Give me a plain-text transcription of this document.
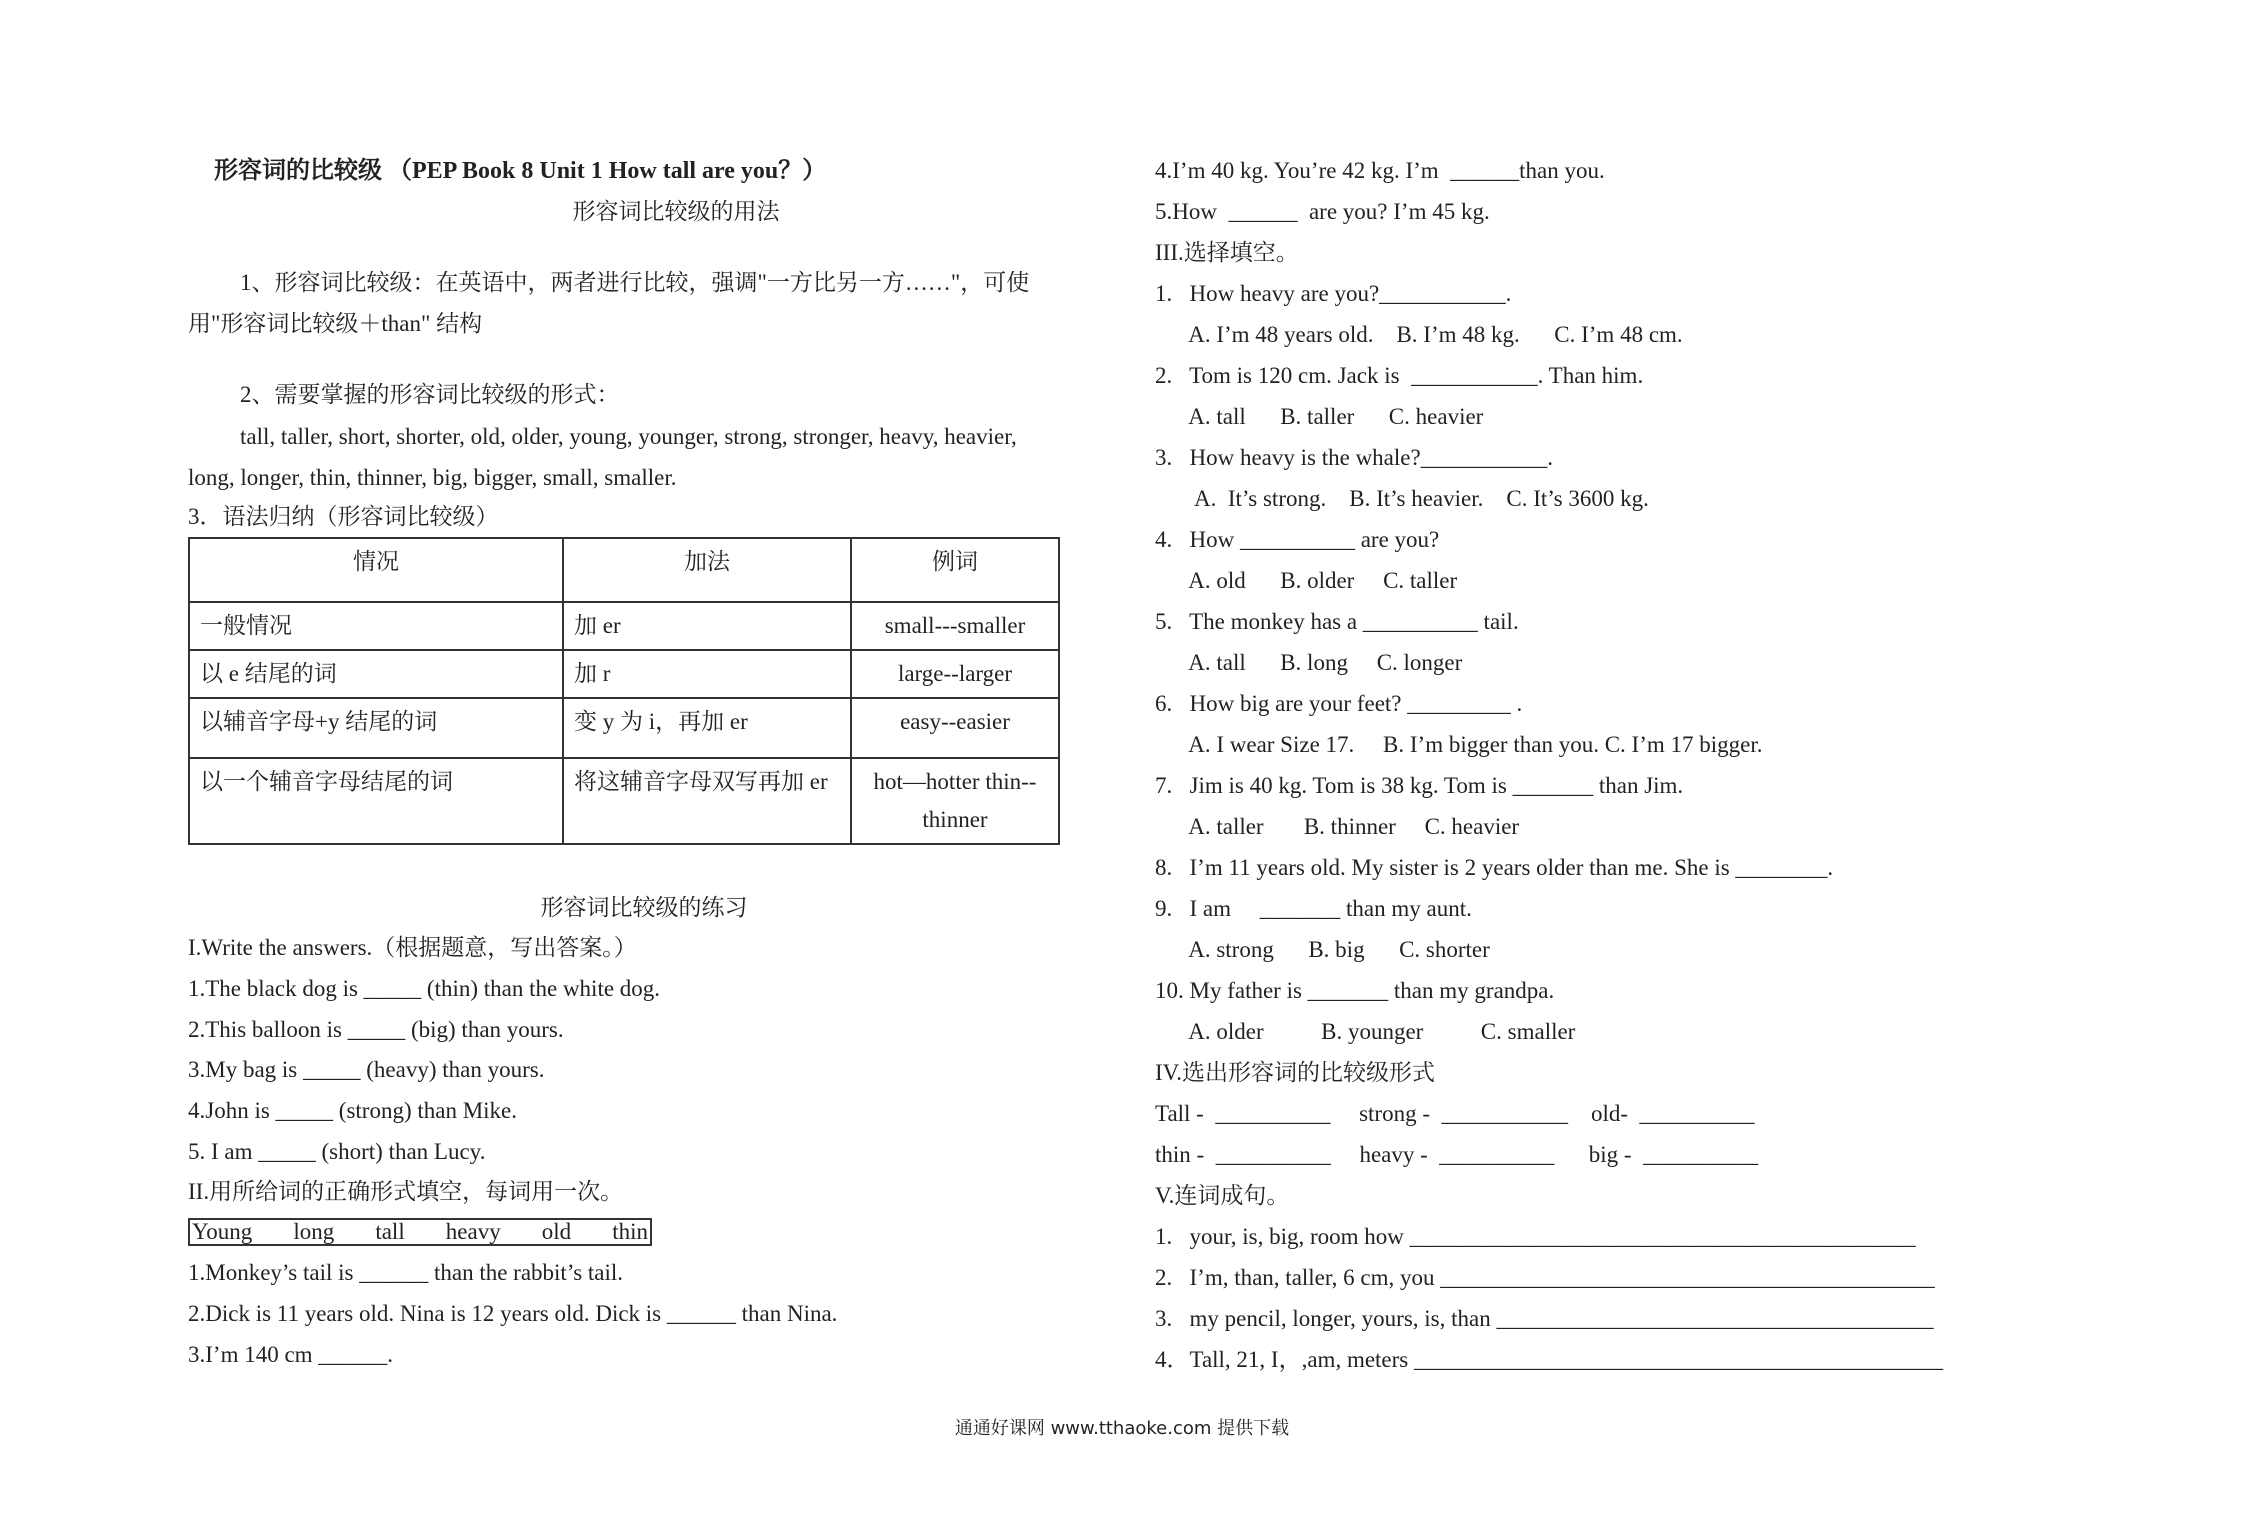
形容词的比较级 （PEP Book 8 Unit 1 How tall are you？）
形容词比较级的用法
1、形容词比较级：在英语中，两者进行比较，强调"一方比另一方……"，可使
用"形容词比较级＋than" 结构
2、需要掌握的形容词比较级的形式：
tall, taller, short, shorter, old, older, young, younger, strong, stronger, heavy, heavier,
long, longer, thin, thinner, big, bigger, small, smaller.
3．语法归纳（形容词比较级）
情况	加法	例词
一般情况	加 er	small---smaller
以 e 结尾的词	加 r	large--larger
以辅音字母+y 结尾的词	变 y 为 i，再加 er	easy--easier
以一个辅音字母结尾的词	将这辅音字母双写再加 er	hot—hotter thin--thinner
形容词比较级的练习
I.Write the answers.（根据题意，写出答案。）
1.The black dog is _____ (thin) than the white dog.
2.This balloon is _____ (big) than yours.
3.My bag is _____ (heavy) than yours.
4.John is _____ (strong) than Mike.
5. I am _____ (short) than Lucy.
II.用所给词的正确形式填空，每词用一次。
Young long tall heavy old thin
1.Monkey’s tail is ______ than the rabbit’s tail.
2.Dick is 11 years old. Nina is 12 years old. Dick is ______ than Nina.
3.I’m 140 cm ______.
4.I’m 40 kg. You’re 42 kg. I’m  ______than you.
5.How  ______  are you? I’m 45 kg.
III.选择填空。
1.   How heavy are you?___________.
A. I’m 48 years old.    B. I’m 48 kg.      C. I’m 48 cm.
2.   Tom is 120 cm. Jack is  ___________. Than him.
A. tall      B. taller      C. heavier
3.   How heavy is the whale?___________.
A.  It’s strong.    B. It’s heavier.    C. It’s 3600 kg.
4.   How __________ are you?
A. old      B. older     C. taller
5.   The monkey has a __________ tail.
A. tall      B. long     C. longer
6.   How big are your feet? _________ .
A. I wear Size 17.     B. I’m bigger than you. C. I’m 17 bigger.
7.   Jim is 40 kg. Tom is 38 kg. Tom is _______ than Jim.
A. taller       B. thinner     C. heavier
8.   I’m 11 years old. My sister is 2 years older than me. She is ________.
9.   I am     _______ than my aunt.
A. strong      B. big      C. shorter
10. My father is _______ than my grandpa.
A. older          B. younger          C. smaller
IV.选出形容词的比较级形式
Tall -  __________     strong -  ___________    old-  __________
thin -  __________     heavy -  __________      big -  __________
V.连词成句。
1.   your, is, big, room how ____________________________________________
2.   I’m, than, taller, 6 cm, you ___________________________________________
3.   my pencil, longer, yours, is, than ______________________________________
4．Tall, 21, I，,am, meters ______________________________________________
通通好课网 www.tthaoke.com 提供下载
